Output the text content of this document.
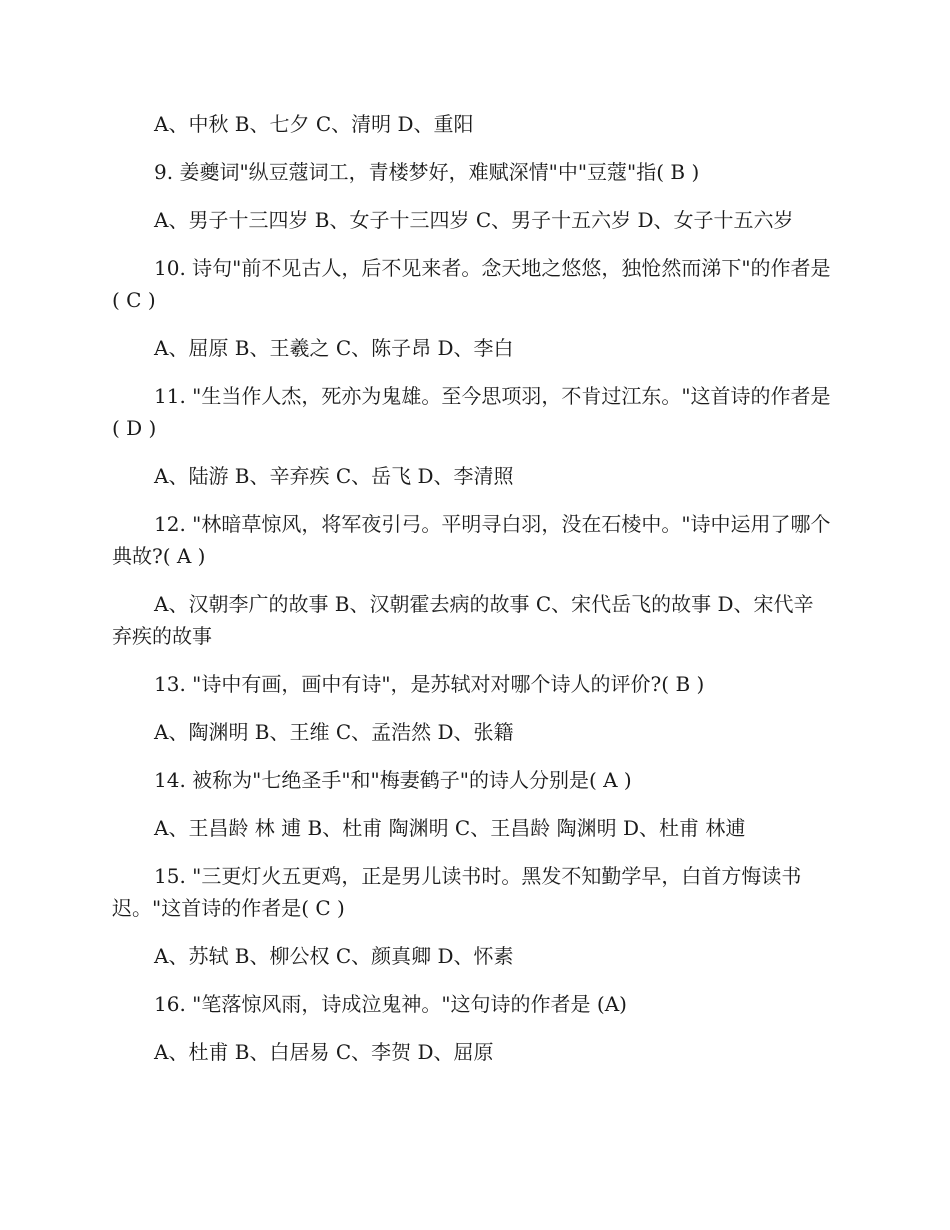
A、中秋 B、七夕 C、清明 D、重阳

9. 姜夔词"纵豆蔻词工，青楼梦好，难赋深情"中"豆蔻"指( B )

A、男子十三四岁 B、女子十三四岁 C、男子十五六岁 D、女子十五六岁

10. 诗句"前不见古人，后不见来者。念天地之悠悠，独怆然而涕下"的作者是( C )

A、屈原 B、王羲之 C、陈子昂 D、李白

11. "生当作人杰，死亦为鬼雄。至今思项羽，不肯过江东。"这首诗的作者是( D )

A、陆游 B、辛弃疾 C、岳飞 D、李清照

12. "林暗草惊风，将军夜引弓。平明寻白羽，没在石棱中。"诗中运用了哪个典故?( A )

A、汉朝李广的故事 B、汉朝霍去病的故事 C、宋代岳飞的故事 D、宋代辛弃疾的故事

13. "诗中有画，画中有诗"，是苏轼对对哪个诗人的评价?( B )

A、陶渊明 B、王维 C、孟浩然 D、张籍

14. 被称为"七绝圣手"和"梅妻鹤子"的诗人分别是( A )

A、王昌龄 林 逋 B、杜甫 陶渊明 C、王昌龄 陶渊明 D、杜甫 林逋

15. "三更灯火五更鸡，正是男儿读书时。黑发不知勤学早，白首方悔读书迟。"这首诗的作者是( C )

A、苏轼 B、柳公权 C、颜真卿 D、怀素

16. "笔落惊风雨，诗成泣鬼神。"这句诗的作者是 (A)

A、杜甫 B、白居易 C、李贺 D、屈原
